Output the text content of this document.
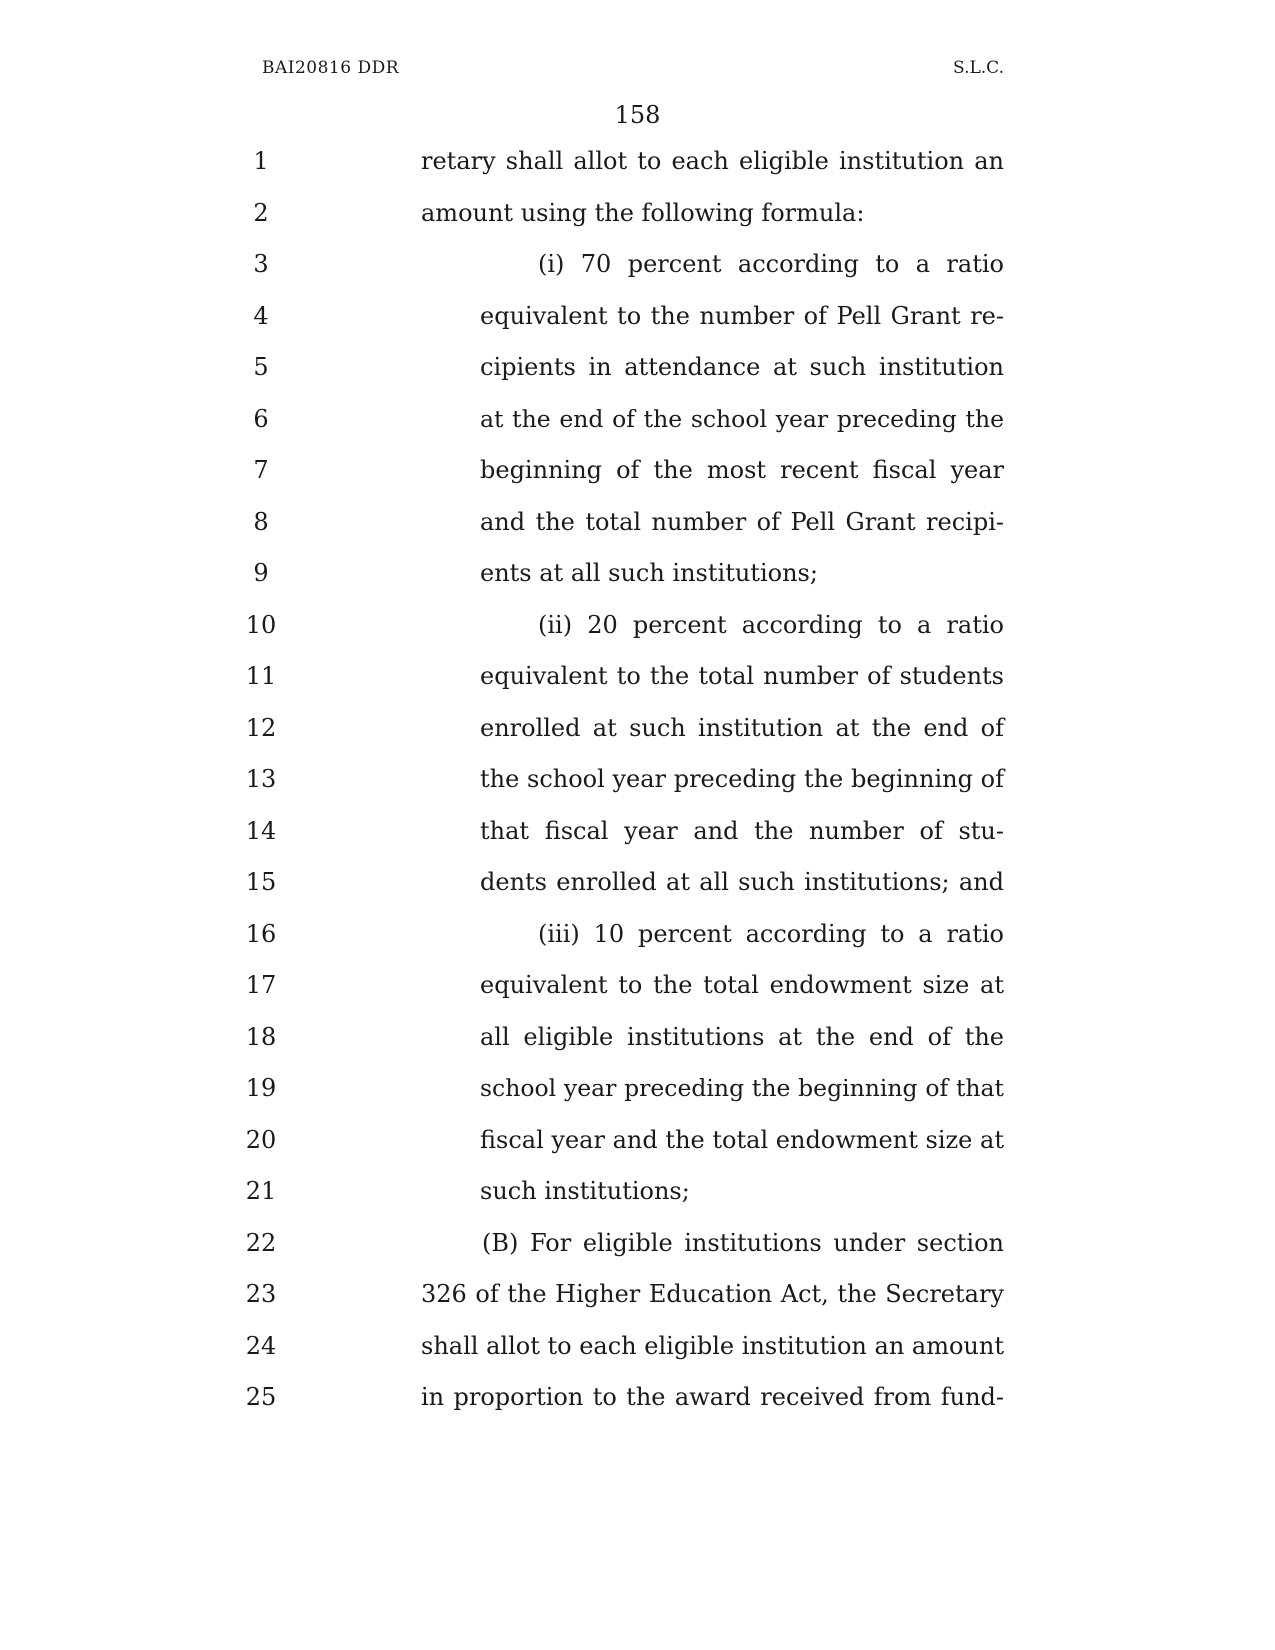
BAI20816 DDR	S.L.C.
158
1	retary shall allot to each eligible institution an
2	amount using the following formula:
3	(i) 70 percent according to a ratio
4	equivalent to the number of Pell Grant re-
5	cipients in attendance at such institution
6	at the end of the school year preceding the
7	beginning of the most recent fiscal year
8	and the total number of Pell Grant recipi-
9	ents at all such institutions;
10	(ii) 20 percent according to a ratio
11	equivalent to the total number of students
12	enrolled at such institution at the end of
13	the school year preceding the beginning of
14	that fiscal year and the number of stu-
15	dents enrolled at all such institutions; and
16	(iii) 10 percent according to a ratio
17	equivalent to the total endowment size at
18	all eligible institutions at the end of the
19	school year preceding the beginning of that
20	fiscal year and the total endowment size at
21	such institutions;
22	(B) For eligible institutions under section
23	326 of the Higher Education Act, the Secretary
24	shall allot to each eligible institution an amount
25	in proportion to the award received from fund-
